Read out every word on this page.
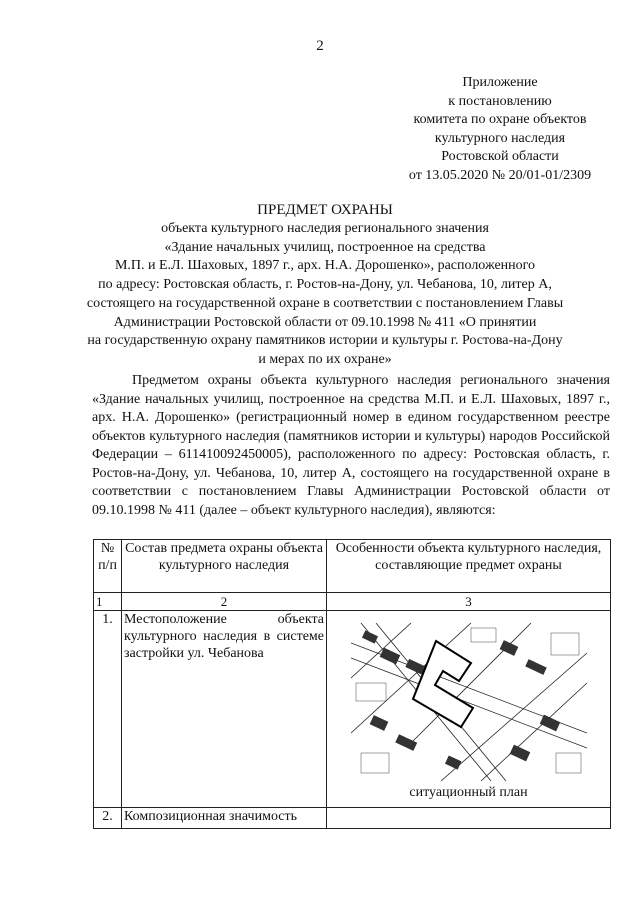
2
Приложение
к постановлению
комитета по охране объектов
культурного наследия
Ростовской области
от 13.05.2020 № 20/01-01/2309
ПРЕДМЕТ ОХРАНЫ
объекта культурного наследия регионального значения
«Здание начальных училищ, построенное на средства
М.П. и Е.Л. Шаховых, 1897 г., арх. Н.А. Дорошенко», расположенного
по адресу: Ростовская область, г. Ростов-на-Дону, ул. Чебанова, 10, литер А,
состоящего на государственной охране в соответствии с постановлением Главы
Администрации Ростовской области от 09.10.1998 № 411 «О принятии
на государственную охрану памятников истории и культуры г. Ростова-на-Дону
и мерах по их охране»

Предметом охраны объекта культурного наследия регионального значения «Здание начальных училищ, построенное на средства М.П. и Е.Л. Шаховых, 1897 г., арх. Н.А. Дорошенко» (регистрационный номер в едином государственном реестре объектов культурного наследия (памятников истории и культуры) народов Российской Федерации – 611410092450005), расположенного по адресу: Ростовская область, г. Ростов-на-Дону, ул. Чебанова, 10, литер А, состоящего на государственной охране в соответствии с постановлением Главы Администрации Ростовской области от 09.10.1998 № 411 (далее – объект культурного наследия), являются:

№ п/п	Состав предмета охраны объекта культурного наследия	Особенности объекта культурного наследия, составляющие предмет охраны
1	2	3
1.	Местоположение объекта культурного наследия в системе застройки ул. Чебанова	ситуационный план

2.	Композиционная значимость	
